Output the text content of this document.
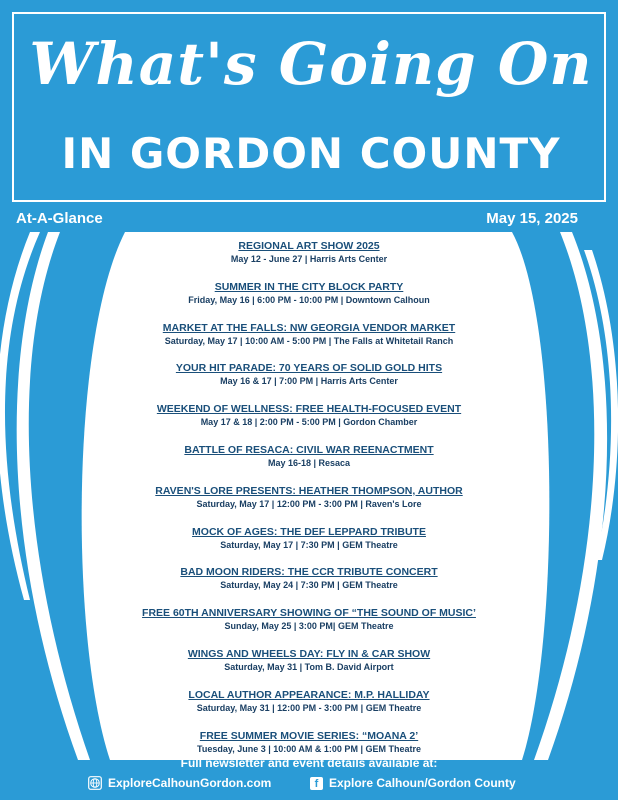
What's Going On
IN GORDON COUNTY
At-A-Glance	May 15, 2025
REGIONAL ART SHOW 2025
May 12 - June 27 | Harris Arts Center
SUMMER IN THE CITY BLOCK PARTY
Friday, May 16 | 6:00 PM - 10:00 PM | Downtown Calhoun
MARKET AT THE FALLS: NW GEORGIA VENDOR MARKET
Saturday, May 17 | 10:00 AM - 5:00 PM | The Falls at Whitetail Ranch
YOUR HIT PARADE: 70 YEARS OF SOLID GOLD HITS
May 16 & 17 | 7:00 PM | Harris Arts Center
WEEKEND OF WELLNESS: FREE HEALTH-FOCUSED EVENT
May 17 & 18 | 2:00 PM - 5:00 PM | Gordon Chamber
BATTLE OF RESACA: CIVIL WAR REENACTMENT
May 16-18 | Resaca
RAVEN'S LORE PRESENTS: HEATHER THOMPSON, AUTHOR
Saturday, May 17 | 12:00 PM - 3:00 PM | Raven's Lore
MOCK OF AGES: THE DEF LEPPARD TRIBUTE
Saturday, May 17 | 7:30 PM | GEM Theatre
BAD MOON RIDERS: THE CCR TRIBUTE CONCERT
Saturday, May 24 | 7:30 PM | GEM Theatre
FREE 60TH ANNIVERSARY SHOWING OF “THE SOUND OF MUSIC’
Sunday, May 25 | 3:00 PM| GEM Theatre
WINGS AND WHEELS DAY: FLY IN & CAR SHOW
Saturday, May 31 | Tom B. David Airport
LOCAL AUTHOR APPEARANCE: M.P. HALLIDAY
Saturday, May 31 | 12:00 PM - 3:00 PM | GEM Theatre
FREE SUMMER MOVIE SERIES: “MOANA 2’
Tuesday, June 3 | 10:00 AM & 1:00 PM | GEM Theatre
Full newsletter and event details available at:
ExploreCalhounGordon.com	f Explore Calhoun/Gordon County
